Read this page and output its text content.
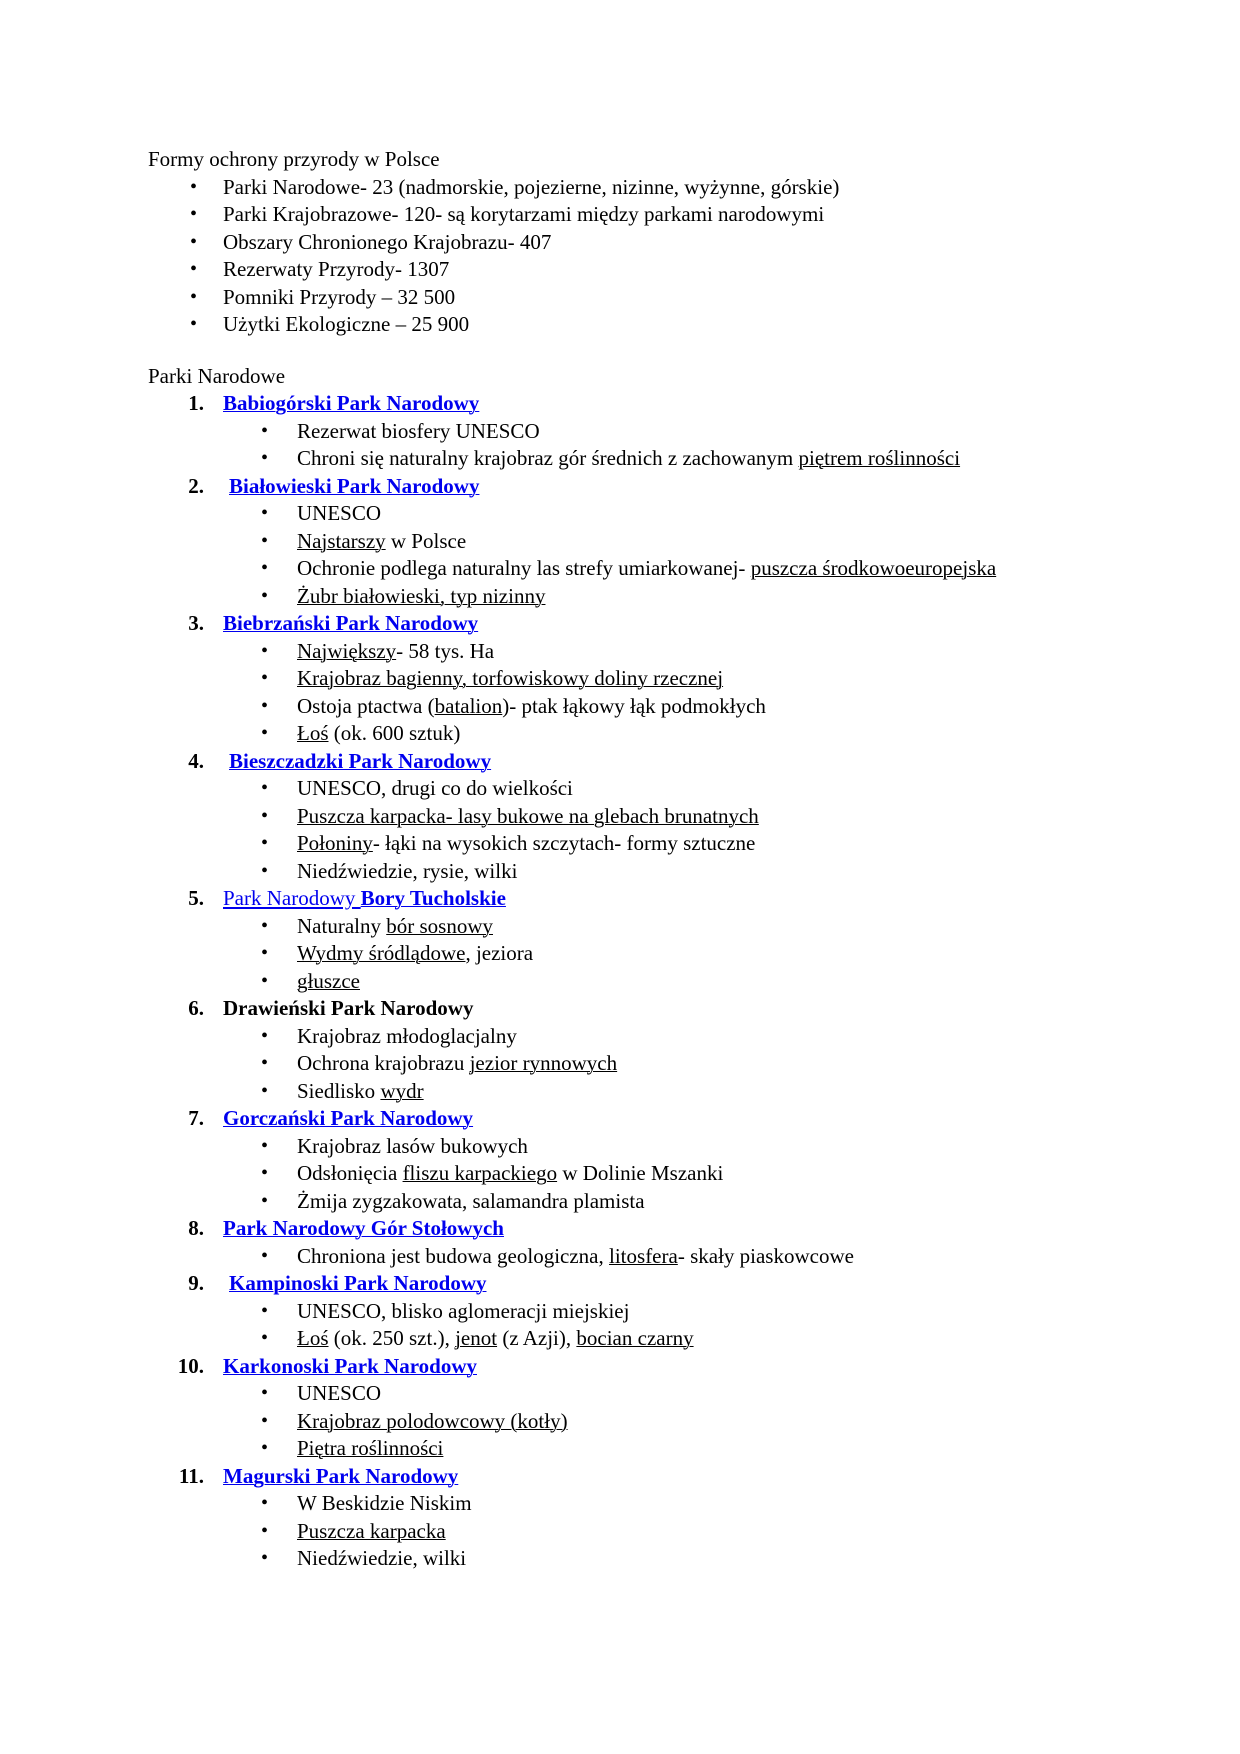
Formy ochrony przyrody w Polsce

• Parki Narodowe- 23 (nadmorskie, pojezierne, nizinne, wyżynne, górskie)
• Parki Krajobrazowe- 120- są korytarzami między parkami narodowymi
• Obszary Chronionego Krajobrazu- 407
• Rezerwaty Przyrody- 1307
• Pomniki Przyrody – 32 500
• Użytki Ekologiczne – 25 900

Parki Narodowe

1. Babiogórski Park Narodowy
• Rezerwat biosfery UNESCO
• Chroni się naturalny krajobraz gór średnich z zachowanym piętrem roślinności
2. Białowieski Park Narodowy
• UNESCO
• Najstarszy w Polsce
• Ochronie podlega naturalny las strefy umiarkowanej- puszcza środkowoeuropejska
• Żubr białowieski, typ nizinny
3. Biebrzański Park Narodowy
• Największy- 58 tys. Ha
• Krajobraz bagienny, torfowiskowy doliny rzecznej
• Ostoja ptactwa (batalion)- ptak łąkowy łąk podmokłych
• Łoś (ok. 600 sztuk)
4. Bieszczadzki Park Narodowy
• UNESCO, drugi co do wielkości
• Puszcza karpacka- lasy bukowe na glebach brunatnych
• Połoniny- łąki na wysokich szczytach- formy sztuczne
• Niedźwiedzie, rysie, wilki
5. Park Narodowy Bory Tucholskie
• Naturalny bór sosnowy
• Wydmy śródlądowe, jeziora
• głuszce
6. Drawieński Park Narodowy
• Krajobraz młodoglacjalny
• Ochrona krajobrazu jezior rynnowych
• Siedlisko wydr
7. Gorczański Park Narodowy
• Krajobraz lasów bukowych
• Odsłonięcia fliszu karpackiego w Dolinie Mszanki
• Żmija zygzakowata, salamandra plamista
8. Park Narodowy Gór Stołowych
• Chroniona jest budowa geologiczna, litosfera- skały piaskowcowe
9. Kampinoski Park Narodowy
• UNESCO, blisko aglomeracji miejskiej
• Łoś (ok. 250 szt.), jenot (z Azji), bocian czarny
10. Karkonoski Park Narodowy
• UNESCO
• Krajobraz polodowcowy (kotły)
• Piętra roślinności
11. Magurski Park Narodowy
• W Beskidzie Niskim
• Puszcza karpacka
• Niedźwiedzie, wilki
